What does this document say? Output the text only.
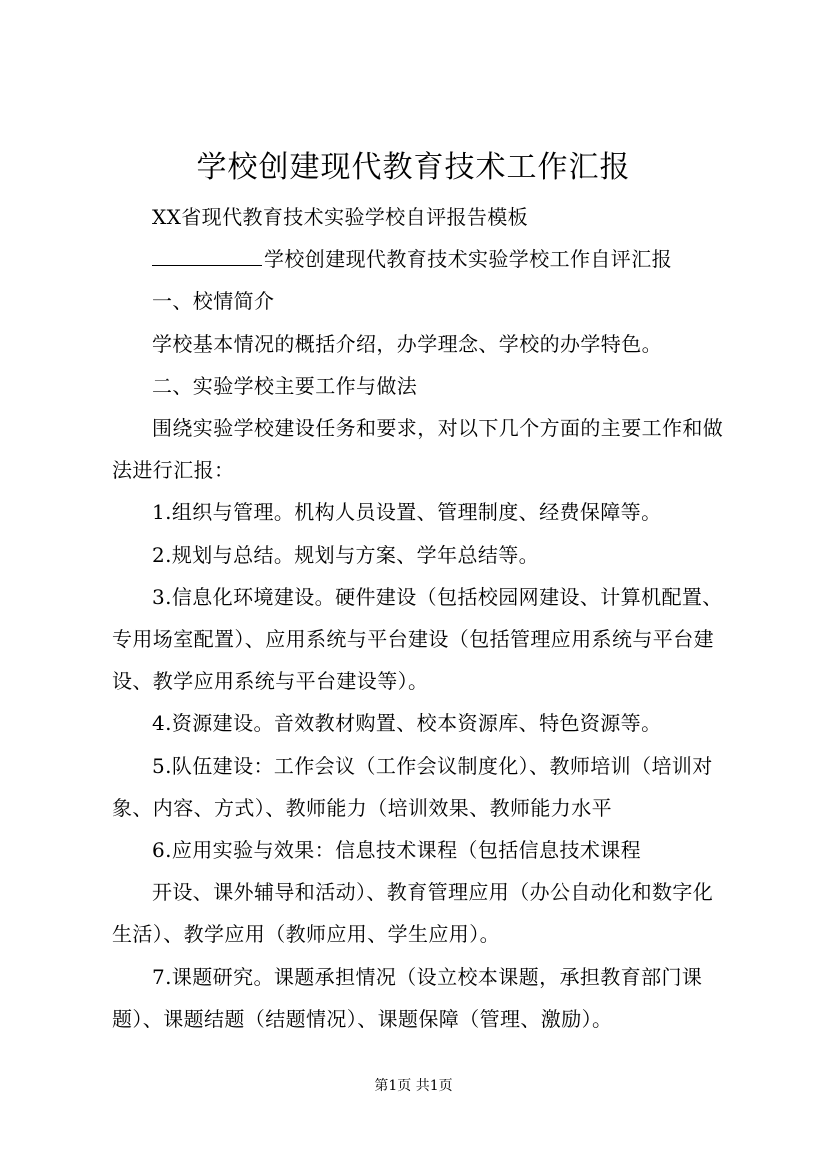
学校创建现代教育技术工作汇报

XX省现代教育技术实验学校自评报告模板

学校创建现代教育技术实验学校工作自评汇报

一、校情简介

学校基本情况的概括介绍，办学理念、学校的办学特色。

二、实验学校主要工作与做法

围绕实验学校建设任务和要求，对以下几个方面的主要工作和做法进行汇报：

1.组织与管理。机构人员设置、管理制度、经费保障等。

2.规划与总结。规划与方案、学年总结等。

3.信息化环境建设。硬件建设（包括校园网建设、计算机配置、专用场室配置）、应用系统与平台建设（包括管理应用系统与平台建设、教学应用系统与平台建设等）。

4.资源建设。音效教材购置、校本资源库、特色资源等。

5.队伍建设：工作会议（工作会议制度化）、教师培训（培训对象、内容、方式）、教师能力（培训效果、教师能力水平

6.应用实验与效果：信息技术课程（包括信息技术课程

开设、课外辅导和活动）、教育管理应用（办公自动化和数字化生活）、教学应用（教师应用、学生应用）。

7.课题研究。课题承担情况（设立校本课题，承担教育部门课题）、课题结题（结题情况）、课题保障（管理、激励）。

第1页 共1页
